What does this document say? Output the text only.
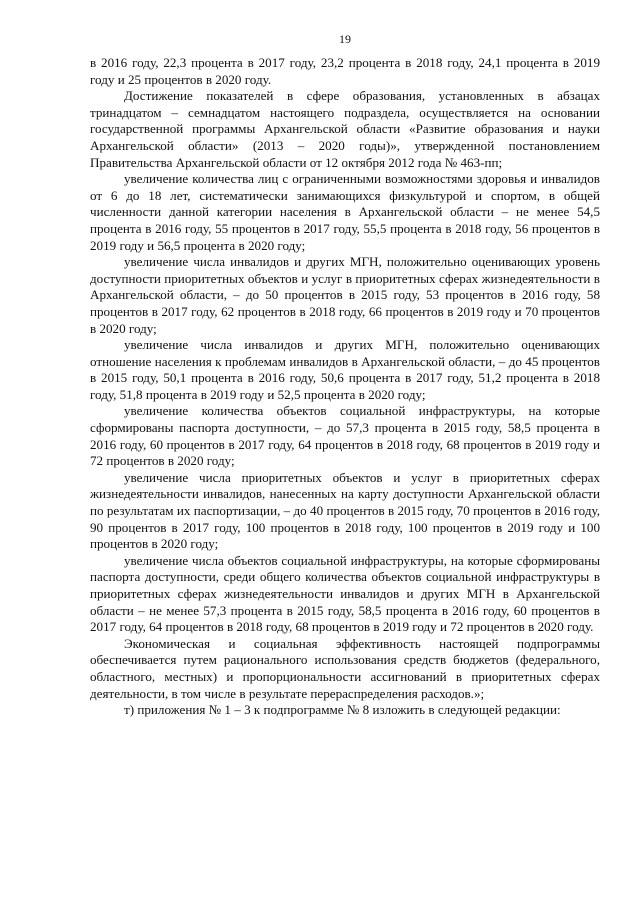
19

в 2016 году, 22,3 процента в 2017 году, 23,2 процента в 2018 году, 24,1 процента в 2019 году и 25 процентов в 2020 году.

Достижение показателей в сфере образования, установленных в абзацах тринадцатом – семнадцатом настоящего подраздела, осуществляется на основании государственной программы Архангельской области «Развитие образования и науки Архангельской области» (2013 – 2020 годы)», утвержденной постановлением Правительства Архангельской области от 12 октября 2012 года № 463-пп;

увеличение количества лиц с ограниченными возможностями здоровья и инвалидов от 6 до 18 лет, систематически занимающихся физкультурой и спортом, в общей численности данной категории населения в Архангельской области – не менее 54,5 процента в 2016 году, 55 процентов в 2017 году, 55,5 процента в 2018 году, 56 процентов в 2019 году и 56,5 процента в 2020 году;

увеличение числа инвалидов и других МГН, положительно оценивающих уровень доступности приоритетных объектов и услуг в приоритетных сферах жизнедеятельности в Архангельской области, – до 50 процентов в 2015 году, 53 процентов в 2016 году, 58 процентов в 2017 году, 62 процентов в 2018 году, 66 процентов в 2019 году и 70 процентов в 2020 году;

увеличение числа инвалидов и других МГН, положительно оценивающих отношение населения к проблемам инвалидов в Архангельской области, – до 45 процентов в 2015 году, 50,1 процента в 2016 году, 50,6 процента в 2017 году, 51,2 процента в 2018 году, 51,8 процента в 2019 году и 52,5 процента в 2020 году;

увеличение количества объектов социальной инфраструктуры, на которые сформированы паспорта доступности, – до 57,3 процента в 2015 году, 58,5 процента в 2016 году, 60 процентов в 2017 году, 64 процентов в 2018 году, 68 процентов в 2019 году и 72 процентов в 2020 году;

увеличение числа приоритетных объектов и услуг в приоритетных сферах жизнедеятельности инвалидов, нанесенных на карту доступности Архангельской области по результатам их паспортизации, – до 40 процентов в 2015 году, 70 процентов в 2016 году, 90 процентов в 2017 году, 100 процентов в 2018 году, 100 процентов в 2019 году и 100 процентов в 2020 году;

увеличение числа объектов социальной инфраструктуры, на которые сформированы паспорта доступности, среди общего количества объектов социальной инфраструктуры в приоритетных сферах жизнедеятельности инвалидов и других МГН в Архангельской области – не менее 57,3 процента в 2015 году, 58,5 процента в 2016 году, 60 процентов в 2017 году, 64 процентов в 2018 году, 68 процентов в 2019 году и 72 процентов в 2020 году.

Экономическая и социальная эффективность настоящей подпрограммы обеспечивается путем рационального использования средств бюджетов (федерального, областного, местных) и пропорциональности ассигнований в приоритетных сферах деятельности, в том числе в результате перераспределения расходов.»;

т) приложения № 1 – 3 к подпрограмме № 8 изложить в следующей редакции:
